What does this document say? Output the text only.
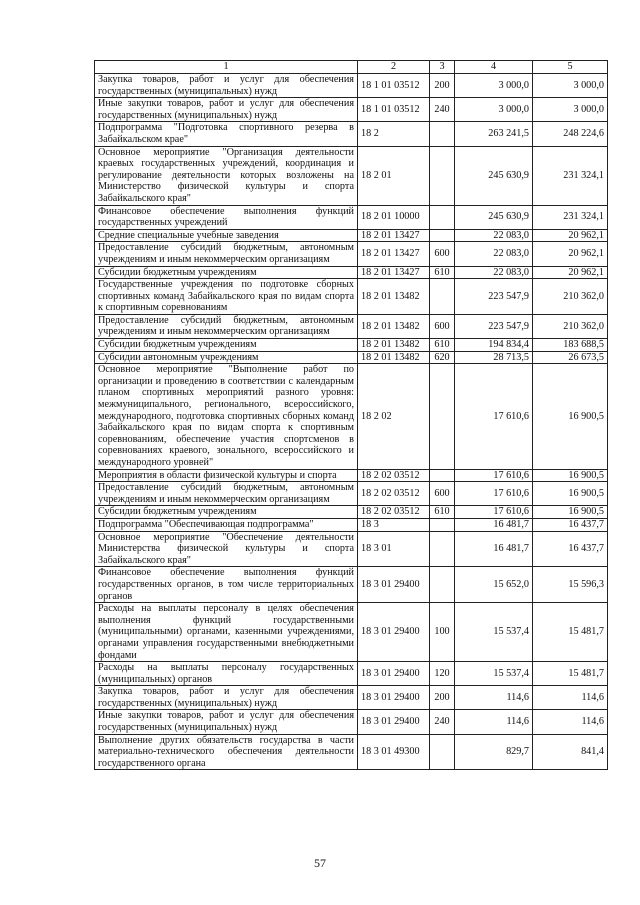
1	2	3	4	5
Закупка товаров, работ и услуг для обеспечения государственных (муниципальных) нужд	18 1 01 03512	200	3 000,0	3 000,0
Иные закупки товаров, работ и услуг для обеспечения государственных (муниципальных) нужд	18 1 01 03512	240	3 000,0	3 000,0
Подпрограмма "Подготовка спортивного резерва в Забайкальском крае"	18 2		263 241,5	248 224,6
Основное мероприятие "Организация деятельности краевых государственных учреждений, координация и регулирование деятельности которых возложены на Министерство физической культуры и спорта Забайкальского края"	18 2 01		245 630,9	231 324,1
Финансовое обеспечение выполнения функций государственных учреждений	18 2 01 10000		245 630,9	231 324,1
Средние специальные учебные заведения	18 2 01 13427		22 083,0	20 962,1
Предоставление субсидий бюджетным, автономным учреждениям и иным некоммерческим организациям	18 2 01 13427	600	22 083,0	20 962,1
Субсидии бюджетным учреждениям	18 2 01 13427	610	22 083,0	20 962,1
Государственные учреждения по подготовке сборных спортивных команд Забайкальского края по видам спорта к спортивным соревнованиям	18 2 01 13482		223 547,9	210 362,0
Предоставление субсидий бюджетным, автономным учреждениям и иным некоммерческим организациям	18 2 01 13482	600	223 547,9	210 362,0
Субсидии бюджетным учреждениям	18 2 01 13482	610	194 834,4	183 688,5
Субсидии автономным учреждениям	18 2 01 13482	620	28 713,5	26 673,5
Основное мероприятие "Выполнение работ по организации и проведению в соответствии с календарным планом спортивных мероприятий разного уровня: межмуниципального, регионального, всероссийского, международного, подготовка спортивных сборных команд Забайкальского края по видам спорта к спортивным соревнованиям, обеспечение участия спортсменов в соревнованиях краевого, зонального, всероссийского и международного уровней"	18 2 02		17 610,6	16 900,5
Мероприятия в области физической культуры и спорта	18 2 02 03512		17 610,6	16 900,5
Предоставление субсидий бюджетным, автономным учреждениям и иным некоммерческим организациям	18 2 02 03512	600	17 610,6	16 900,5
Субсидии бюджетным учреждениям	18 2 02 03512	610	17 610,6	16 900,5
Подпрограмма "Обеспечивающая подпрограмма"	18 3		16 481,7	16 437,7
Основное мероприятие "Обеспечение деятельности Министерства физической культуры и спорта Забайкальского края"	18 3 01		16 481,7	16 437,7
Финансовое обеспечение выполнения функций государственных органов, в том числе территориальных органов	18 3 01 29400		15 652,0	15 596,3
Расходы на выплаты персоналу в целях обеспечения выполнения функций государственными (муниципальными) органами, казенными учреждениями, органами управления государственными внебюджетными фондами	18 3 01 29400	100	15 537,4	15 481,7
Расходы на выплаты персоналу государственных (муниципальных) органов	18 3 01 29400	120	15 537,4	15 481,7
Закупка товаров, работ и услуг для обеспечения государственных (муниципальных) нужд	18 3 01 29400	200	114,6	114,6
Иные закупки товаров, работ и услуг для обеспечения государственных (муниципальных) нужд	18 3 01 29400	240	114,6	114,6
Выполнение других обязательств государства в части материально-технического обеспечения деятельности государственного органа	18 3 01 49300		829,7	841,4
57
